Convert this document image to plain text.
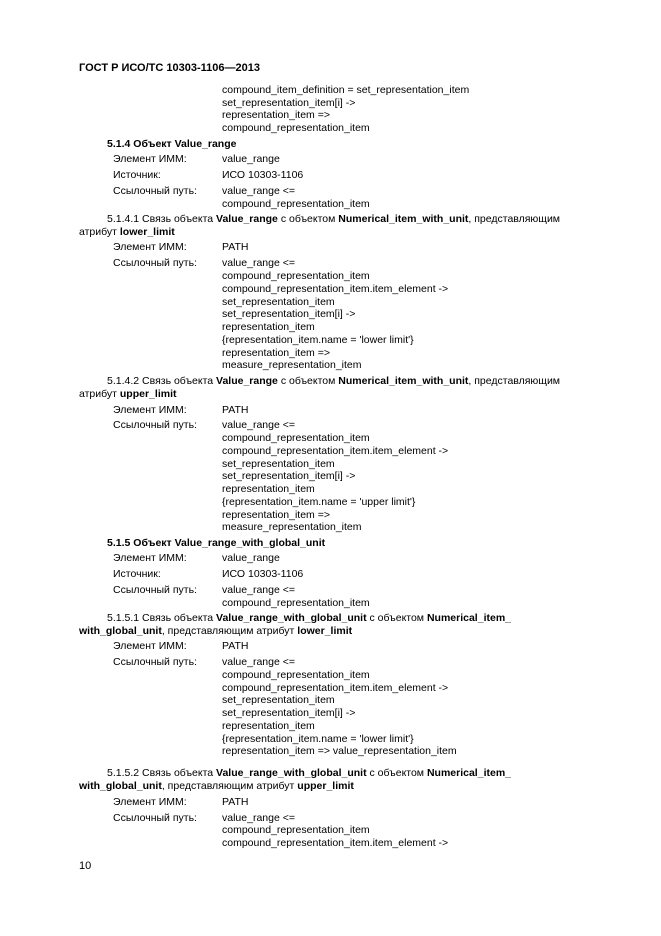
ГОСТ Р ИСО/ТС 10303-1106—2013
compound_item_definition = set_representation_item
set_representation_item[i] ->
representation_item =>
compound_representation_item
5.1.4 Объект Value_range
Элемент ИММ:	value_range
Источник:	ИСО 10303-1106
Ссылочный путь: value_range <=
compound_representation_item
5.1.4.1 Связь объекта Value_range с объектом Numerical_item_with_unit, представляющим
атрибут lower_limit
Элемент ИММ:	PATH
Ссылочный путь: value_range <=
compound_representation_item
compound_representation_item.item_element ->
set_representation_item
set_representation_item[i] ->
representation_item
{representation_item.name = 'lower limit'}
representation_item =>
measure_representation_item
5.1.4.2 Связь объекта Value_range с объектом Numerical_item_with_unit, представляющим
атрибут upper_limit
Элемент ИММ:	PATH
Ссылочный путь: value_range <=
compound_representation_item
compound_representation_item.item_element ->
set_representation_item
set_representation_item[i] ->
representation_item
{representation_item.name = 'upper limit'}
representation_item =>
measure_representation_item
5.1.5 Объект Value_range_with_global_unit
Элемент ИММ:	value_range
Источник:	ИСО 10303-1106
Ссылочный путь: value_range <=
compound_representation_item
5.1.5.1 Связь объекта Value_range_with_global_unit с объектом Numerical_item_
with_global_unit, представляющим атрибут lower_limit
Элемент ИММ:	PATH
Ссылочный путь: value_range <=
compound_representation_item
compound_representation_item.item_element ->
set_representation_item
set_representation_item[i] ->
representation_item
{representation_item.name = 'lower limit'}
representation_item => value_representation_item
5.1.5.2 Связь объекта Value_range_with_global_unit с объектом Numerical_item_
with_global_unit, представляющим атрибут upper_limit
Элемент ИММ:	PATH
Ссылочный путь: value_range <=
compound_representation_item
compound_representation_item.item_element ->
10
